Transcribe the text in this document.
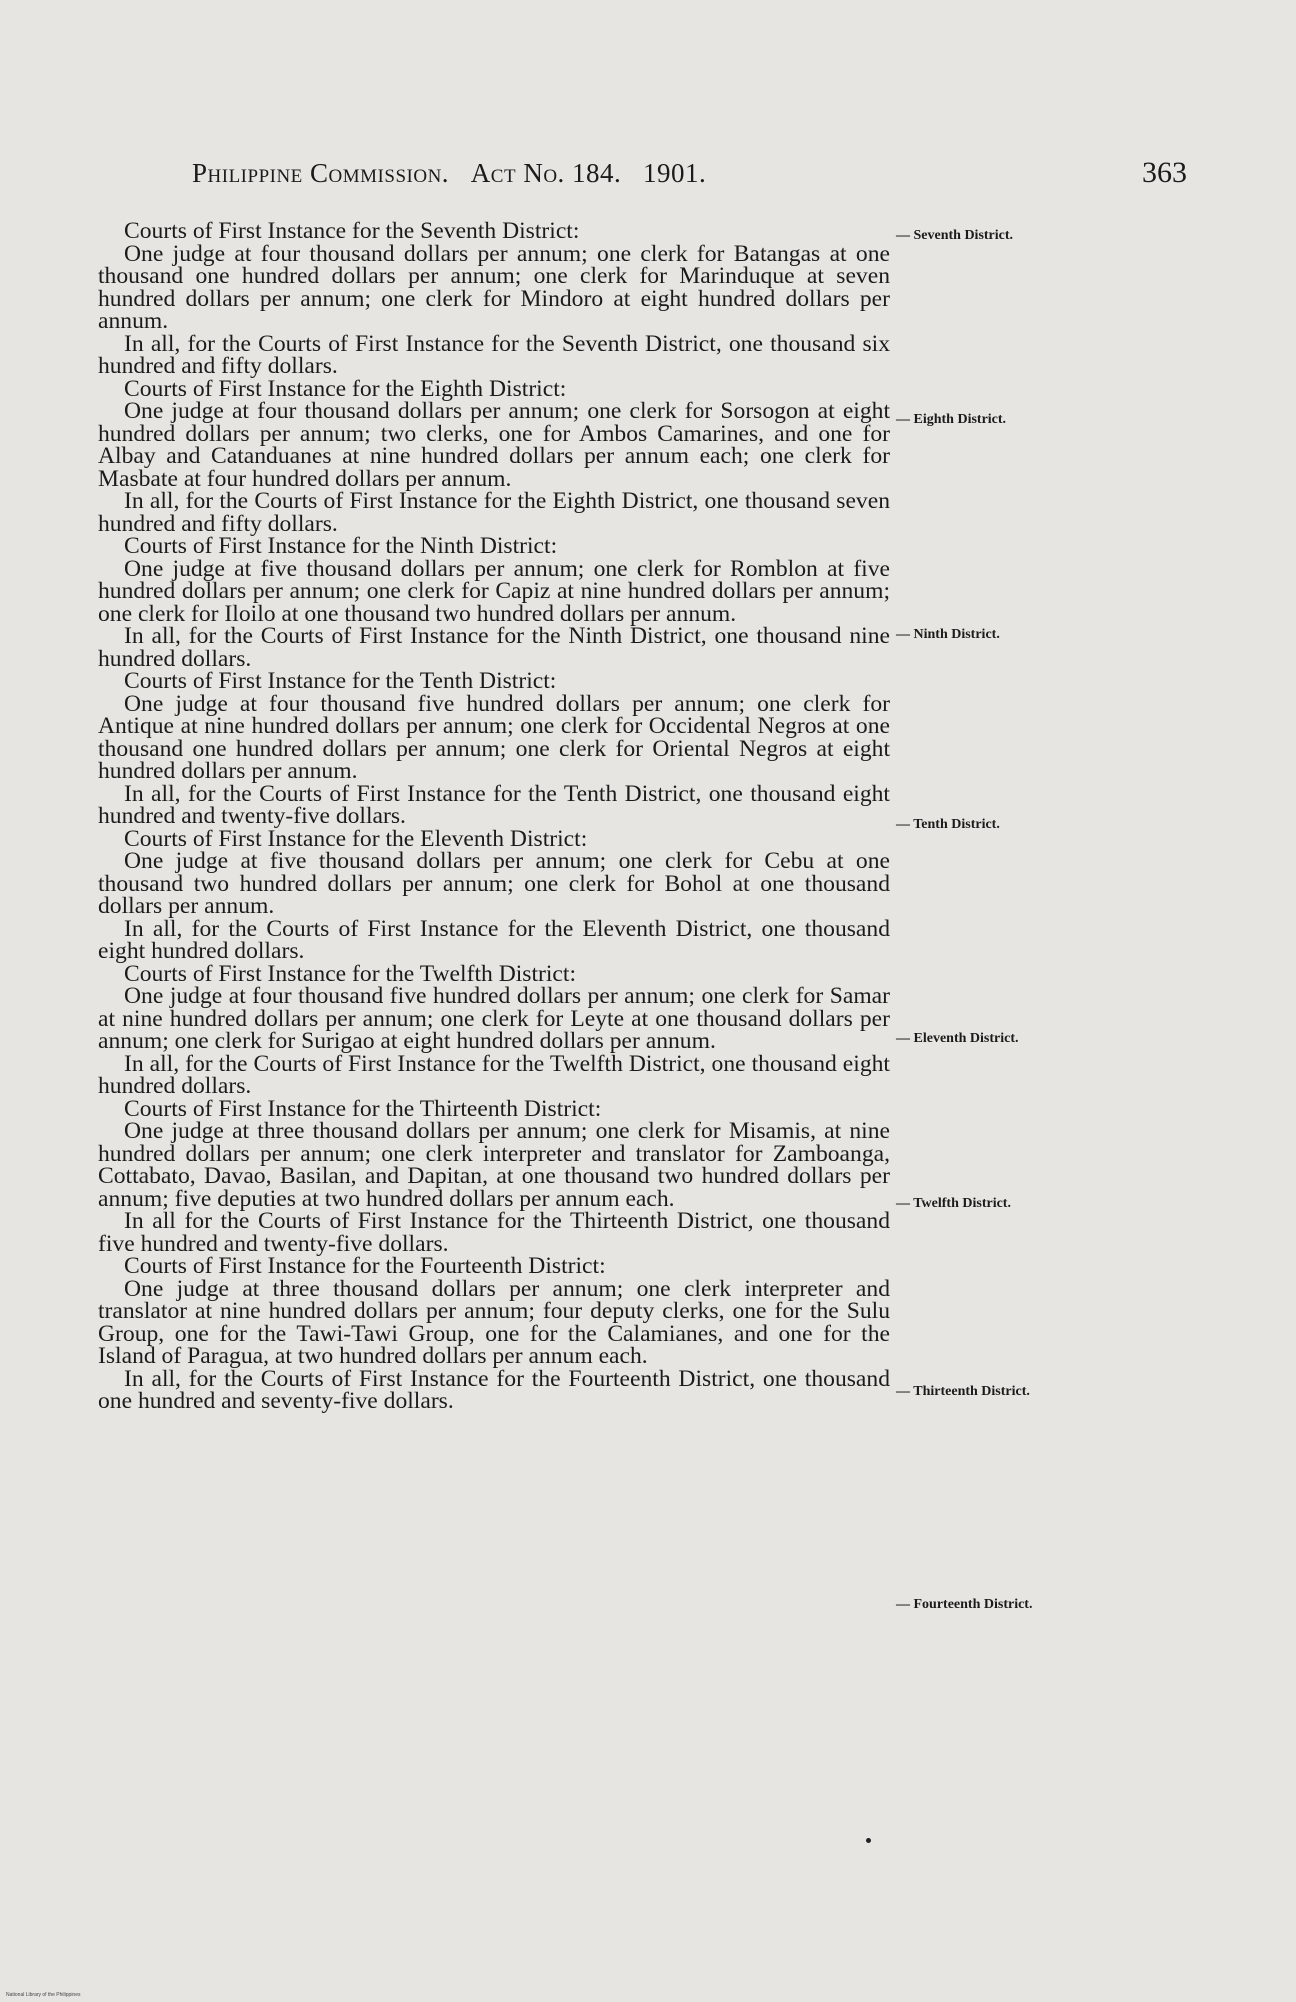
Philippine Commission. Act No. 184. 1901.	363

Courts of First Instance for the Seventh District:

One judge at four thousand dollars per annum; one clerk for Batangas at one thousand one hundred dollars per annum; one clerk for Marinduque at seven hundred dollars per annum; one clerk for Mindoro at eight hundred dollars per annum.

In all, for the Courts of First Instance for the Seventh District, one thousand six hundred and fifty dollars.

Courts of First Instance for the Eighth District:

One judge at four thousand dollars per annum; one clerk for Sorsogon at eight hundred dollars per annum; two clerks, one for Ambos Camarines, and one for Albay and Catanduanes at nine hundred dollars per annum each; one clerk for Masbate at four hundred dollars per annum.

In all, for the Courts of First Instance for the Eighth District, one thousand seven hundred and fifty dollars.

Courts of First Instance for the Ninth District:

One judge at five thousand dollars per annum; one clerk for Romblon at five hundred dollars per annum; one clerk for Capiz at nine hundred dollars per annum; one clerk for Iloilo at one thousand two hundred dollars per annum.

In all, for the Courts of First Instance for the Ninth District, one thousand nine hundred dollars.

Courts of First Instance for the Tenth District:

One judge at four thousand five hundred dollars per annum; one clerk for Antique at nine hundred dollars per annum; one clerk for Occidental Negros at one thousand one hundred dollars per annum; one clerk for Oriental Negros at eight hundred dollars per annum.

In all, for the Courts of First Instance for the Tenth District, one thousand eight hundred and twenty-five dollars.

Courts of First Instance for the Eleventh District:

One judge at five thousand dollars per annum; one clerk for Cebu at one thousand two hundred dollars per annum; one clerk for Bohol at one thousand dollars per annum.

In all, for the Courts of First Instance for the Eleventh District, one thousand eight hundred dollars.

Courts of First Instance for the Twelfth District:

One judge at four thousand five hundred dollars per annum; one clerk for Samar at nine hundred dollars per annum; one clerk for Leyte at one thousand dollars per annum; one clerk for Surigao at eight hundred dollars per annum.

In all, for the Courts of First Instance for the Twelfth District, one thousand eight hundred dollars.

Courts of First Instance for the Thirteenth District:

One judge at three thousand dollars per annum; one clerk for Misamis, at nine hundred dollars per annum; one clerk interpreter and translator for Zamboanga, Cottabato, Davao, Basilan, and Dapitan, at one thousand two hundred dollars per annum; five deputies at two hundred dollars per annum each.

In all for the Courts of First Instance for the Thirteenth District, one thousand five hundred and twenty-five dollars.

Courts of First Instance for the Fourteenth District:

One judge at three thousand dollars per annum; one clerk interpreter and translator at nine hundred dollars per annum; four deputy clerks, one for the Sulu Group, one for the Tawi-Tawi Group, one for the Calamianes, and one for the Island of Paragua, at two hundred dollars per annum each.

In all, for the Courts of First Instance for the Fourteenth District, one thousand one hundred and seventy-five dollars.

— Seventh District.
— Eighth District.
— Ninth District.
— Tenth District.
— Eleventh District.
— Twelfth District.
— Thirteenth District.
— Fourteenth District.
National Library of the Philippines
